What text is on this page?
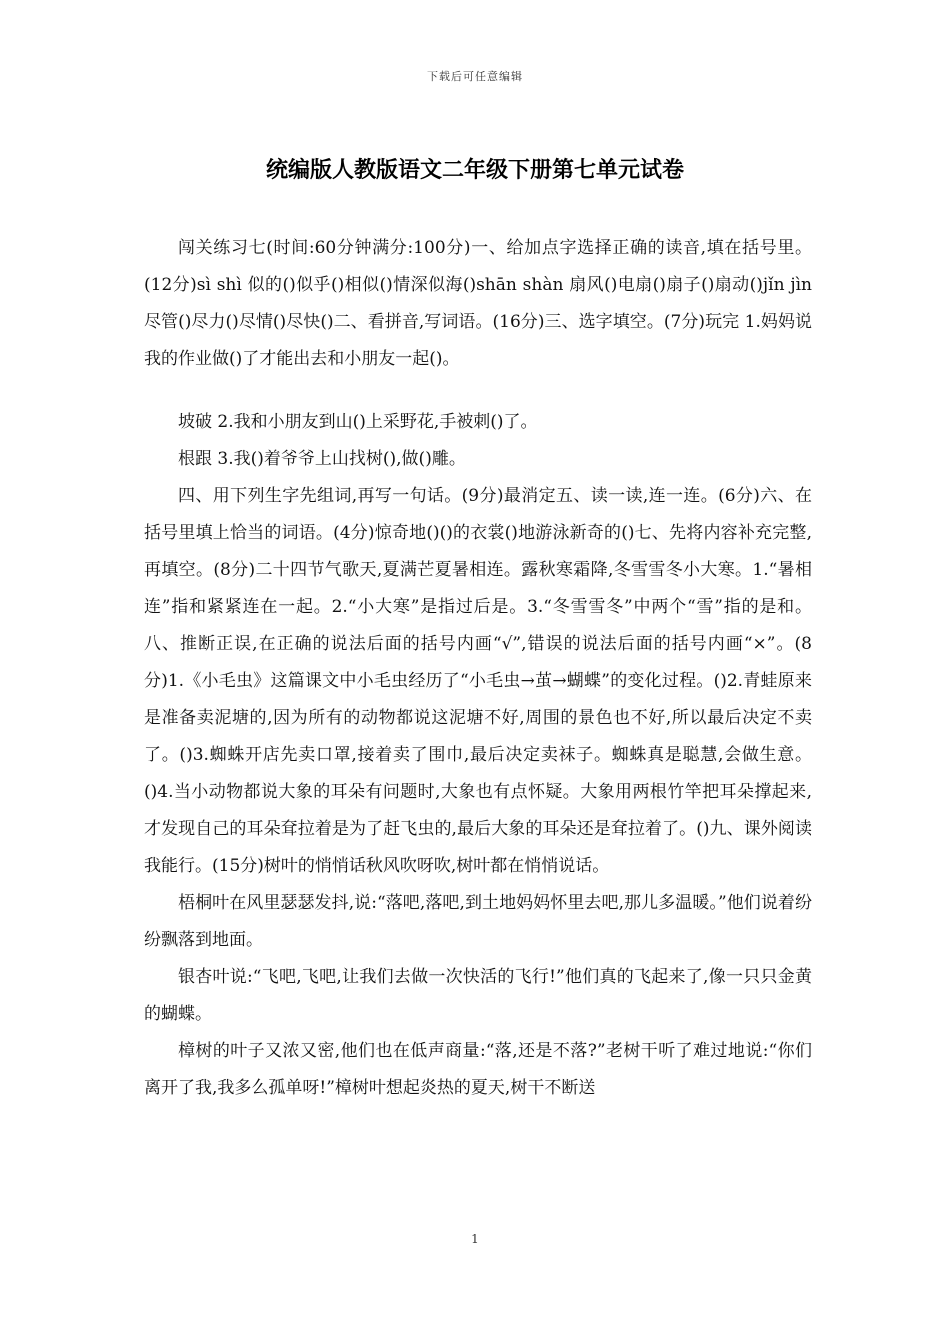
下载后可任意编辑
统编版人教版语文二年级下册第七单元试卷

闯关练习七(时间:60分钟满分:100分)一、给加点字选择正确的读音,填在括号里。(12分)sì shì 似的()似乎()相似()情深似海()shān shàn 扇风()电扇()扇子()扇动()jǐn jìn 尽管()尽力()尽情()尽快()二、看拼音,写词语。(16分)三、选字填空。(7分)玩完 1.妈妈说我的作业做()了才能出去和小朋友一起()。

坡破 2.我和小朋友到山()上采野花,手被刺()了。

根跟 3.我()着爷爷上山找树(),做()雕。

四、用下列生字先组词,再写一句话。(9分)最消定五、读一读,连一连。(6分)六、在括号里填上恰当的词语。(4分)惊奇地()()的衣裳()地游泳新奇的()七、先将内容补充完整,再填空。(8分)二十四节气歌天,夏满芒夏暑相连。露秋寒霜降,冬雪雪冬小大寒。1.“暑相连”指和紧紧连在一起。2.“小大寒”是指过后是。3.“冬雪雪冬”中两个“雪”指的是和。八、推断正误,在正确的说法后面的括号内画“√”,错误的说法后面的括号内画“×”。(8分)1.《小毛虫》这篇课文中小毛虫经历了“小毛虫→茧→蝴蝶”的变化过程。()2.青蛙原来是准备卖泥塘的,因为所有的动物都说这泥塘不好,周围的景色也不好,所以最后决定不卖了。()3.蜘蛛开店先卖口罩,接着卖了围巾,最后决定卖袜子。蜘蛛真是聪慧,会做生意。()4.当小动物都说大象的耳朵有问题时,大象也有点怀疑。大象用两根竹竿把耳朵撑起来,才发现自己的耳朵耷拉着是为了赶飞虫的,最后大象的耳朵还是耷拉着了。()九、课外阅读我能行。(15分)树叶的悄悄话秋风吹呀吹,树叶都在悄悄说话。

梧桐叶在风里瑟瑟发抖,说:“落吧,落吧,到土地妈妈怀里去吧,那儿多温暖。”他们说着纷纷飘落到地面。

银杏叶说:“飞吧,飞吧,让我们去做一次快活的飞行!”他们真的飞起来了,像一只只金黄的蝴蝶。

樟树的叶子又浓又密,他们也在低声商量:“落,还是不落?”老树干听了难过地说:“你们离开了我,我多么孤单呀!”樟树叶想起炎热的夏天,树干不断送

1
